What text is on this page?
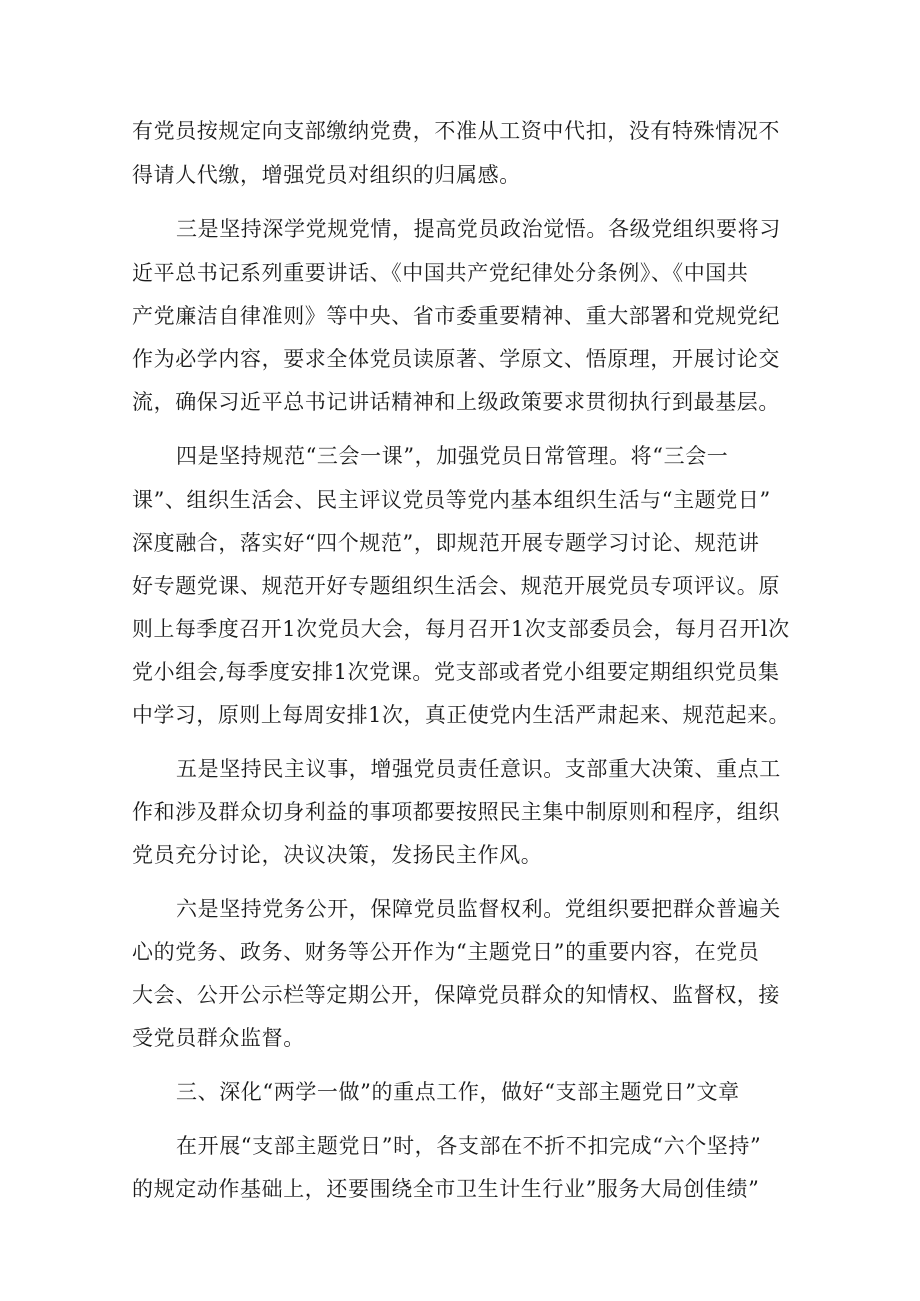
有党员按规定向支部缴纳党费，不准从工资中代扣，没有特殊情况不

得请人代缴，增强党员对组织的归属感。

三是坚持深学党规党情，提高党员政治觉悟。各级党组织要将习

近平总书记系列重要讲话、《中国共产党纪律处分条例》、《中国共

产党廉洁自律准则》等中央、省市委重要精神、重大部署和党规党纪

作为必学内容，要求全体党员读原著、学原文、悟原理，开展讨论交

流，确保习近平总书记讲话精神和上级政策要求贯彻执行到最基层。

四是坚持规范“三会一课”，加强党员日常管理。将“三会一

课”、组织生活会、民主评议党员等党内基本组织生活与“主题党日”

深度融合，落实好“四个规范”，即规范开展专题学习讨论、规范讲

好专题党课、规范开好专题组织生活会、规范开展党员专项评议。原

则上每季度召开1次党员大会，每月召开1次支部委员会，每月召开l次

党小组会,每季度安排1次党课。党支部或者党小组要定期组织党员集

中学习，原则上每周安排1次，真正使党内生活严肃起来、规范起来。

五是坚持民主议事，增强党员责任意识。支部重大决策、重点工

作和涉及群众切身利益的事项都要按照民主集中制原则和程序，组织

党员充分讨论，决议决策，发扬民主作风。

六是坚持党务公开，保障党员监督权利。党组织要把群众普遍关

心的党务、政务、财务等公开作为“主题党日”的重要内容，在党员

大会、公开公示栏等定期公开，保障党员群众的知情权、监督权，接

受党员群众监督。

三、深化“两学一做”的重点工作，做好“支部主题党日”文章

在开展“支部主题党日”时，各支部在不折不扣完成“六个坚持”

的规定动作基础上，还要围绕全市卫生计生行业”服务大局创佳绩”
